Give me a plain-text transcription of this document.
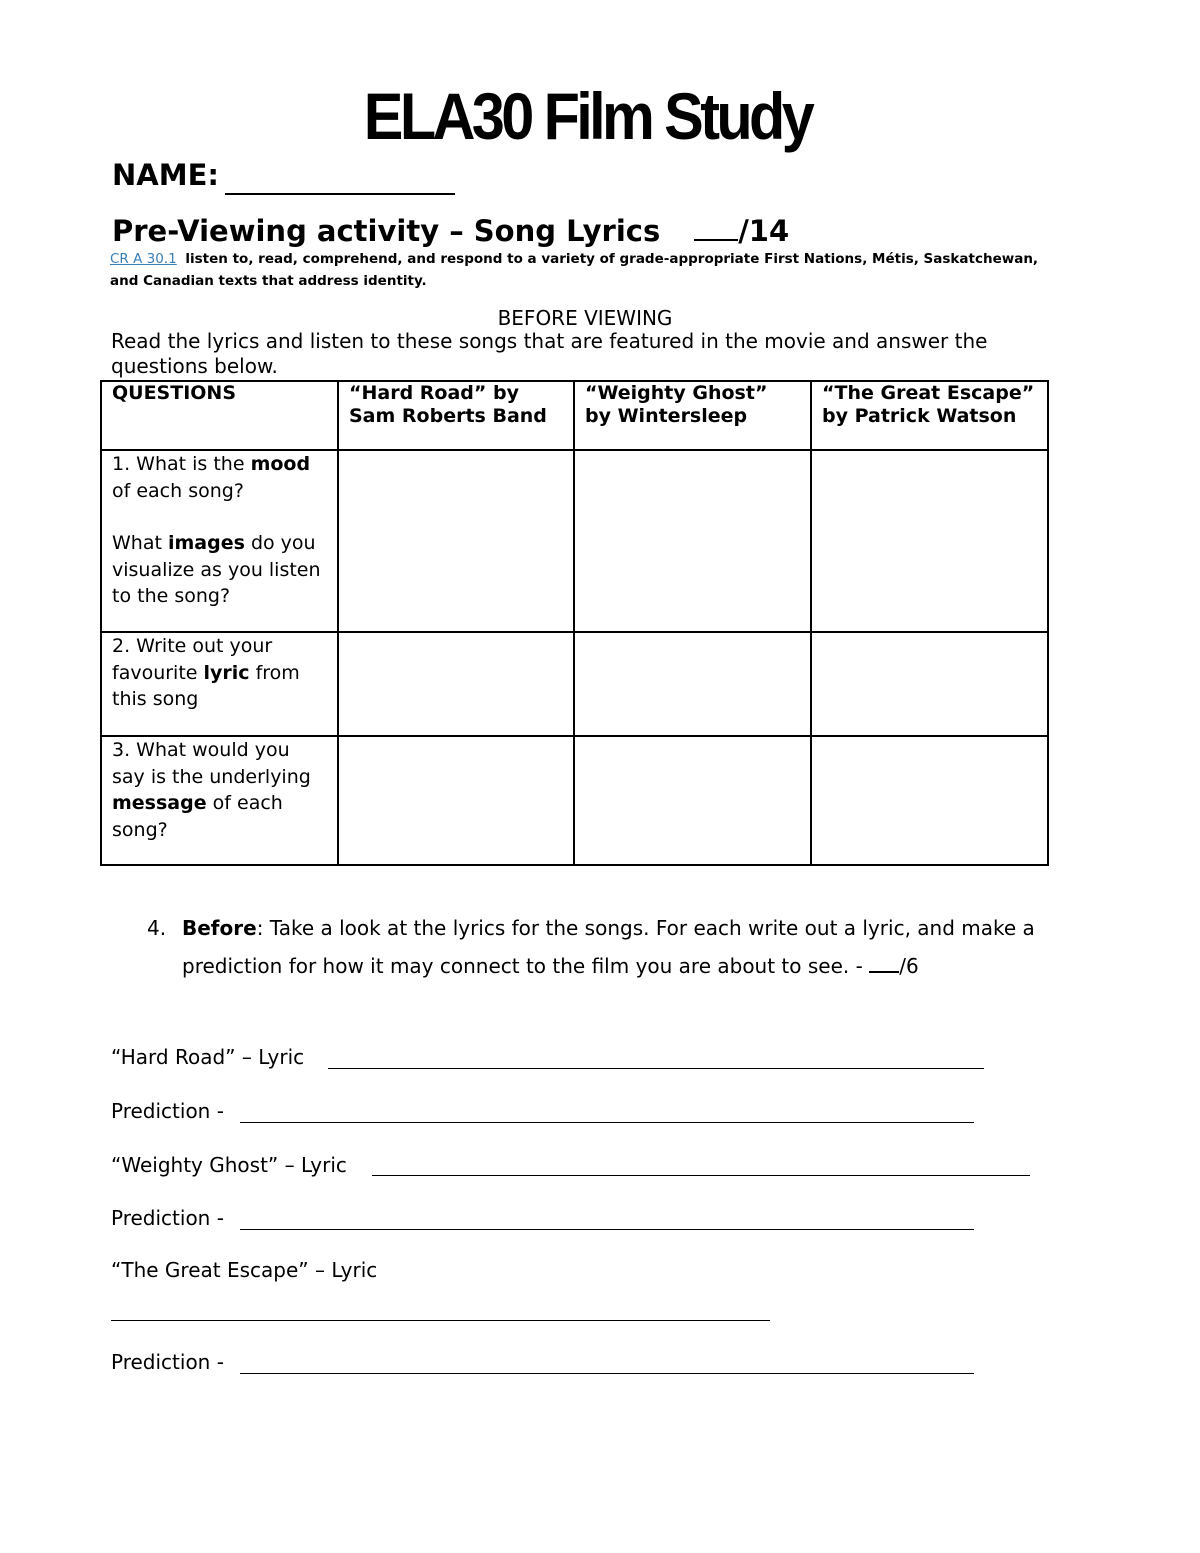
ELA30 Film Study
NAME:
Pre-Viewing activity – Song Lyrics	/14
CR A 30.1 listen to, read, comprehend, and respond to a variety of grade-appropriate First Nations, Métis, Saskatchewan, and Canadian texts that address identity.
BEFORE VIEWING
Read the lyrics and listen to these songs that are featured in the movie and answer the questions below.
QUESTIONS	“Hard Road” by Sam Roberts Band	“Weighty Ghost” by Wintersleep	“The Great Escape” by Patrick Watson

1. What is the mood of each song?

What images do you visualize as you listen to the song?			

2. Write out your favourite lyric from this song			
3. What would you say is the underlying message of each song?			
4. Before: Take a look at the lyrics for the songs. For each write out a lyric, and make a prediction for how it may connect to the film you are about to see. - /6
“Hard Road” – Lyric
Prediction -
“Weighty Ghost” – Lyric
Prediction -
“The Great Escape” – Lyric
Prediction -
